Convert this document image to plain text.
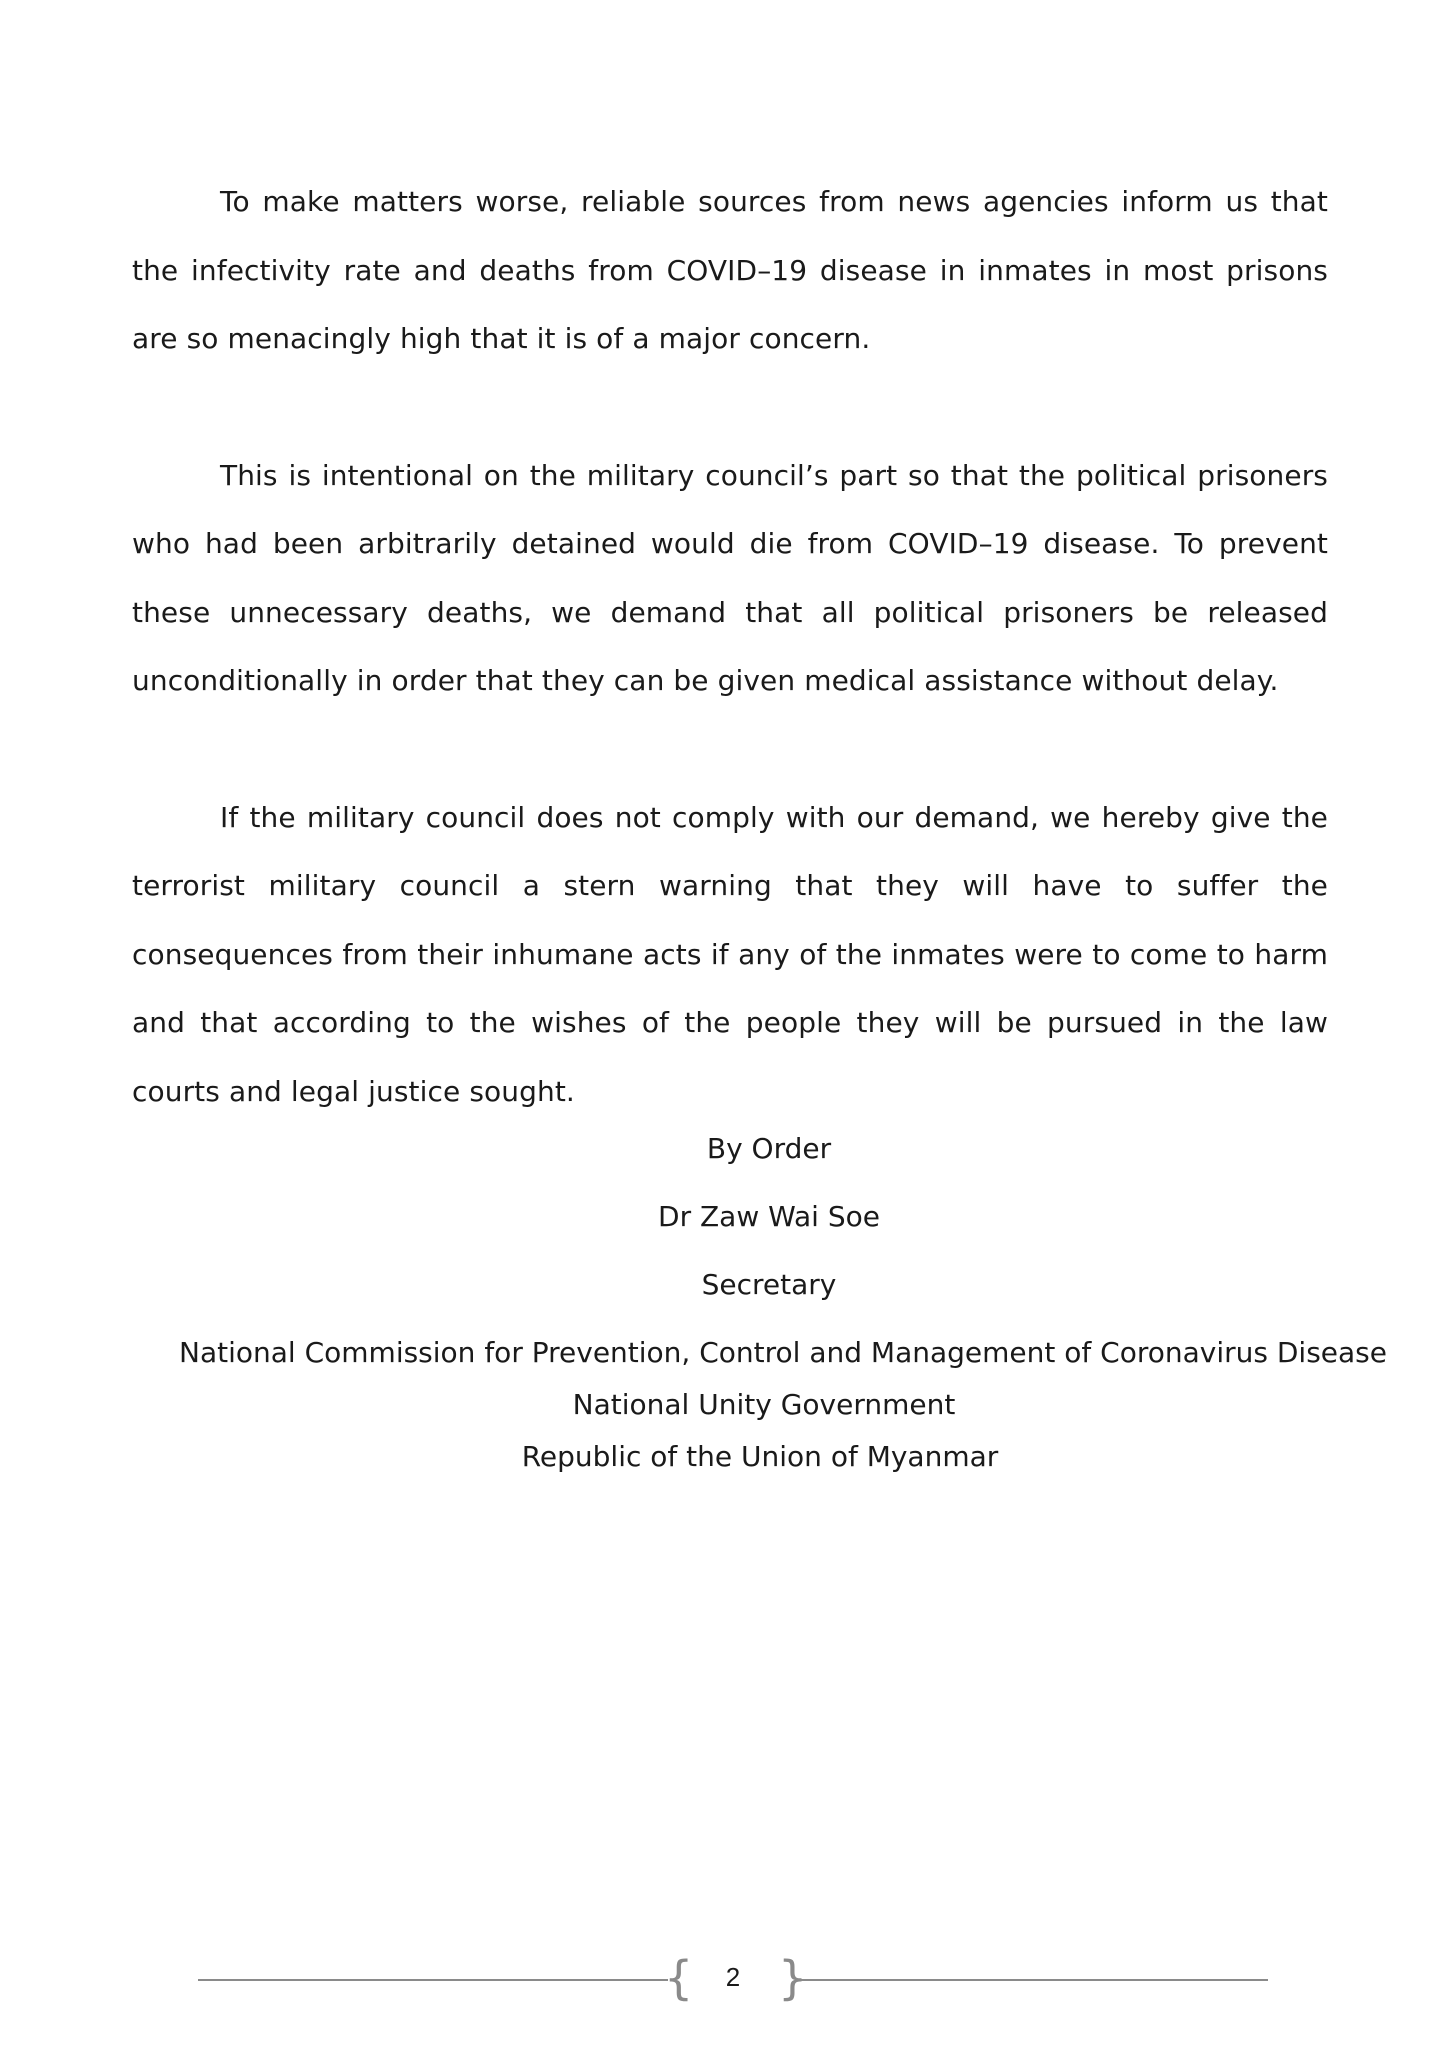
To make matters worse, reliable sources from news agencies inform us that the infectivity rate and deaths from COVID–19 disease in inmates in most prisons are so menacingly high that it is of a major concern.

This is intentional on the military council’s part so that the political prisoners who had been arbitrarily detained would die from COVID–19 disease. To prevent these unnecessary deaths, we demand that all political prisoners be released unconditionally in order that they can be given medical assistance without delay.

If the military council does not comply with our demand, we hereby give the terrorist military council a stern warning that they will have to suffer the consequences from their inhumane acts if any of the inmates were to come to harm and that according to the wishes of the people they will be pursued in the law courts and legal justice sought.

By Order
Dr Zaw Wai Soe
Secretary
National Commission for Prevention, Control and Management of Coronavirus Disease
National Unity Government
Republic of the Union of Myanmar
{	2 }
